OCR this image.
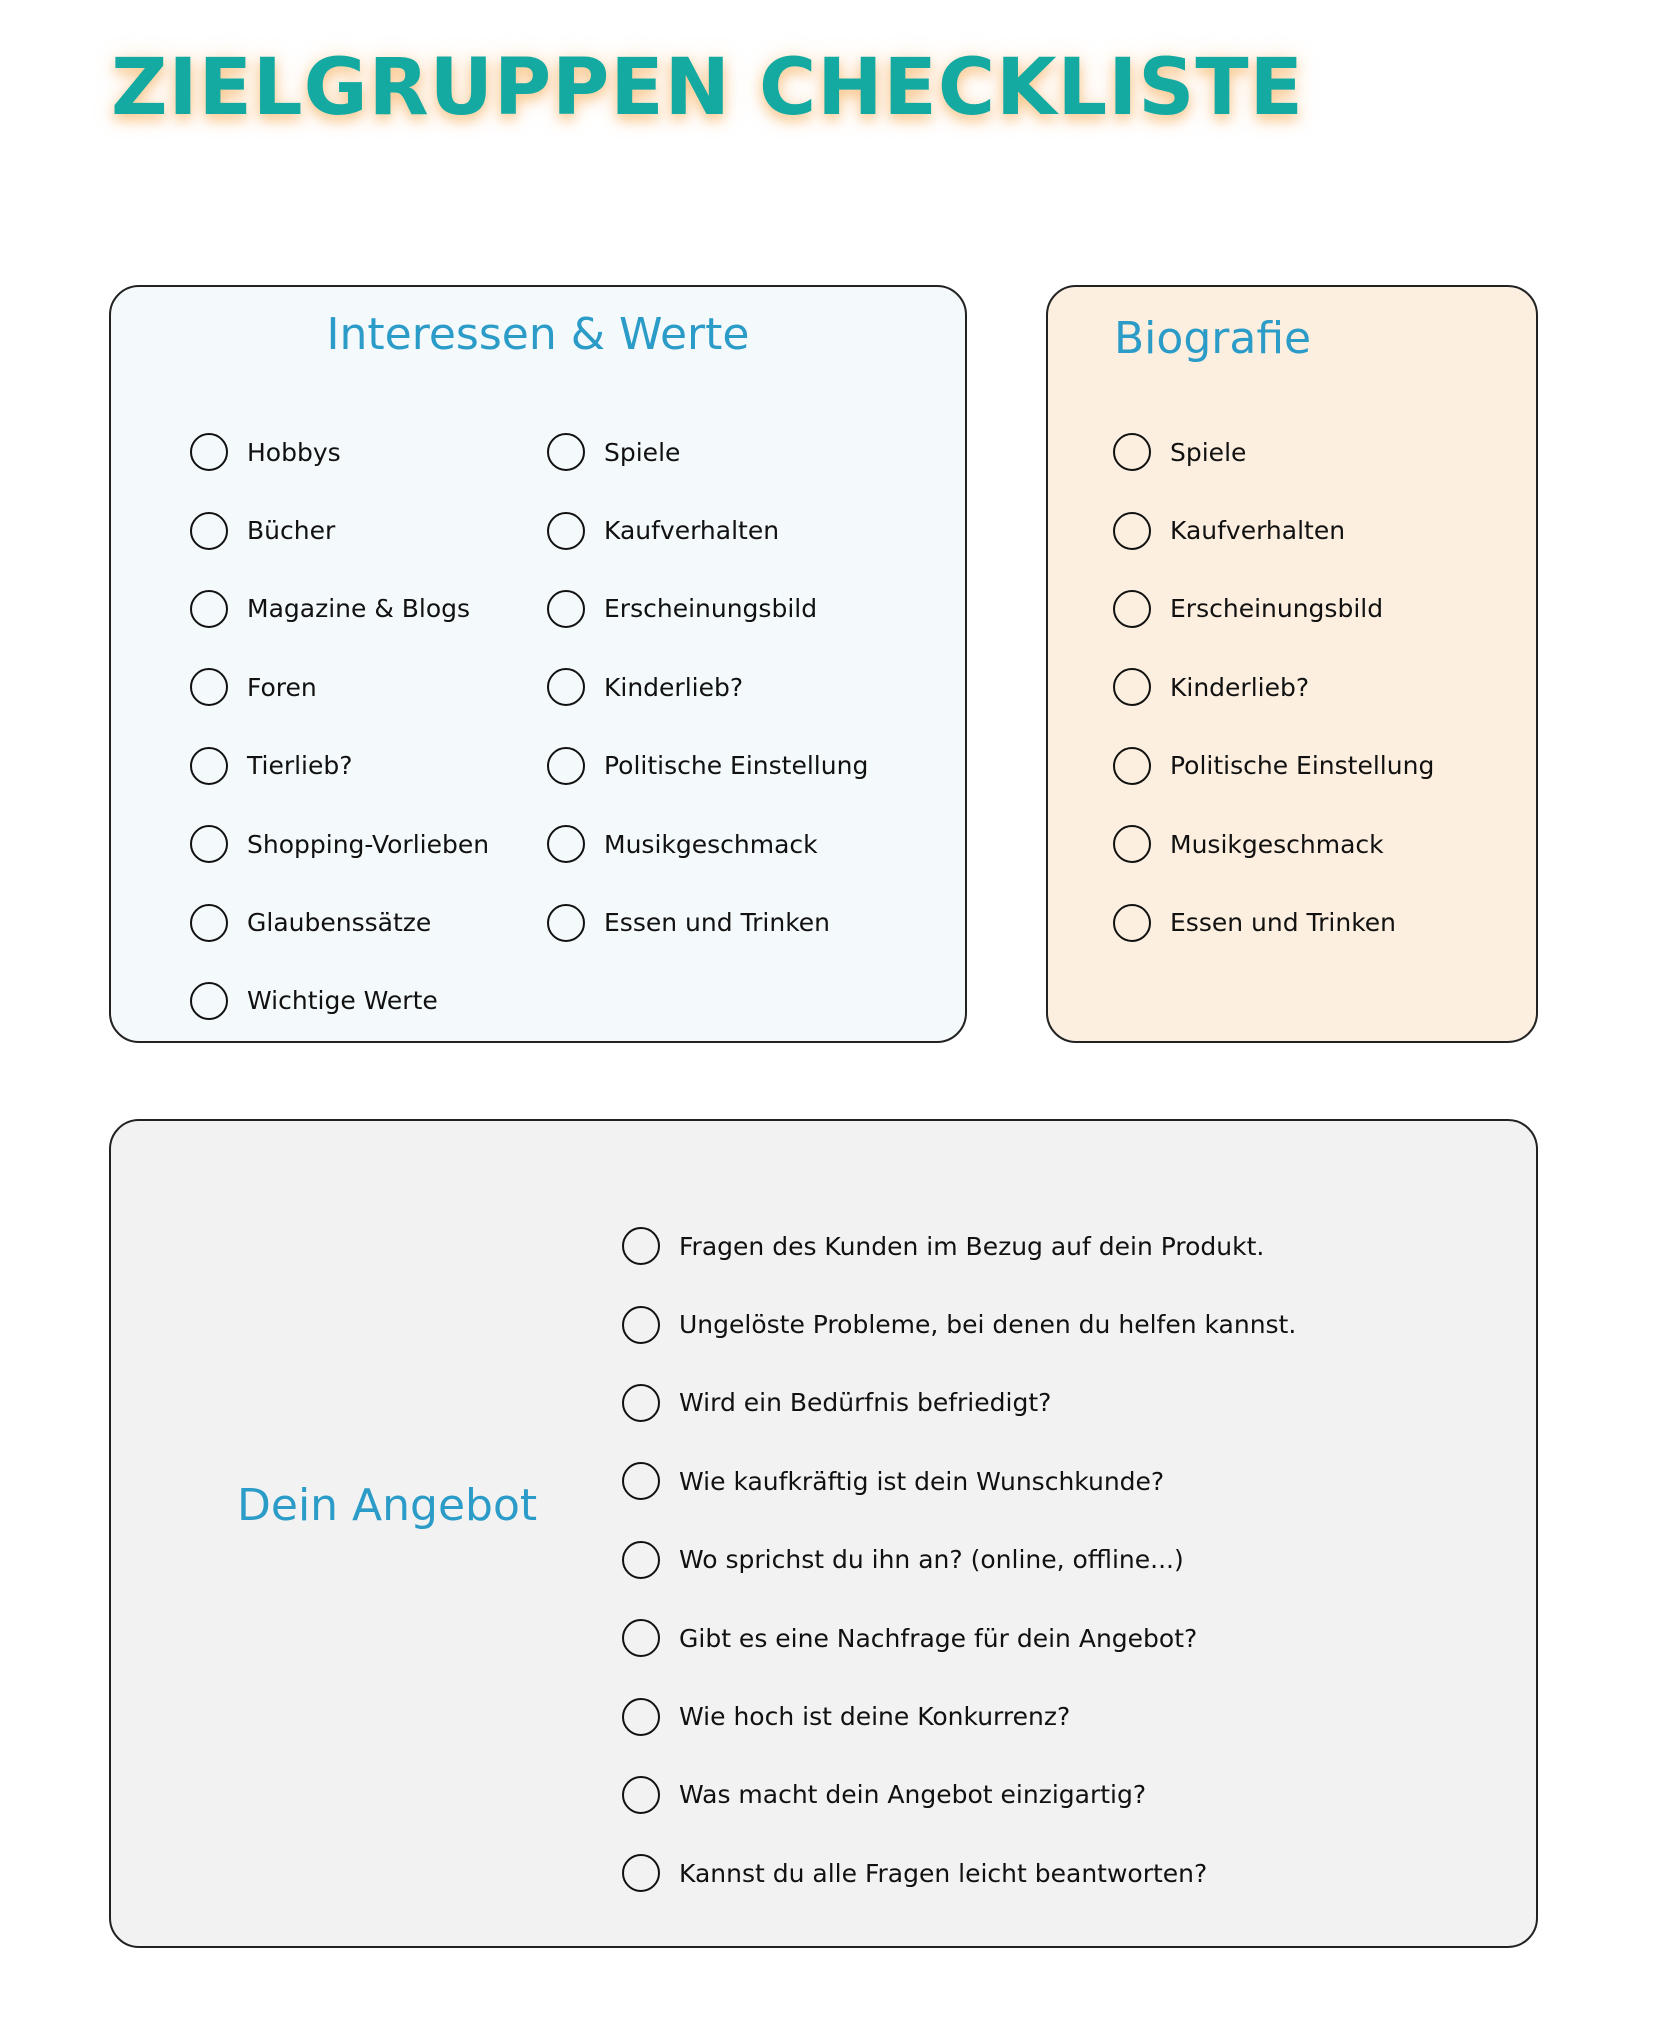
ZIELGRUPPEN CHECKLISTE
Interessen & Werte
Hobbys
Bücher
Magazine & Blogs
Foren
Tierlieb?
Shopping-Vorlieben
Glaubenssätze
Wichtige Werte
Spiele
Kaufverhalten
Erscheinungsbild
Kinderlieb?
Politische Einstellung
Musikgeschmack
Essen und Trinken
Biografie
Spiele
Kaufverhalten
Erscheinungsbild
Kinderlieb?
Politische Einstellung
Musikgeschmack
Essen und Trinken
Dein Angebot
Fragen des Kunden im Bezug auf dein Produkt.
Ungelöste Probleme, bei denen du helfen kannst.
Wird ein Bedürfnis befriedigt?
Wie kaufkräftig ist dein Wunschkunde?
Wo sprichst du ihn an? (online, offline...)
Gibt es eine Nachfrage für dein Angebot?
Wie hoch ist deine Konkurrenz?
Was macht dein Angebot einzigartig?
Kannst du alle Fragen leicht beantworten?
